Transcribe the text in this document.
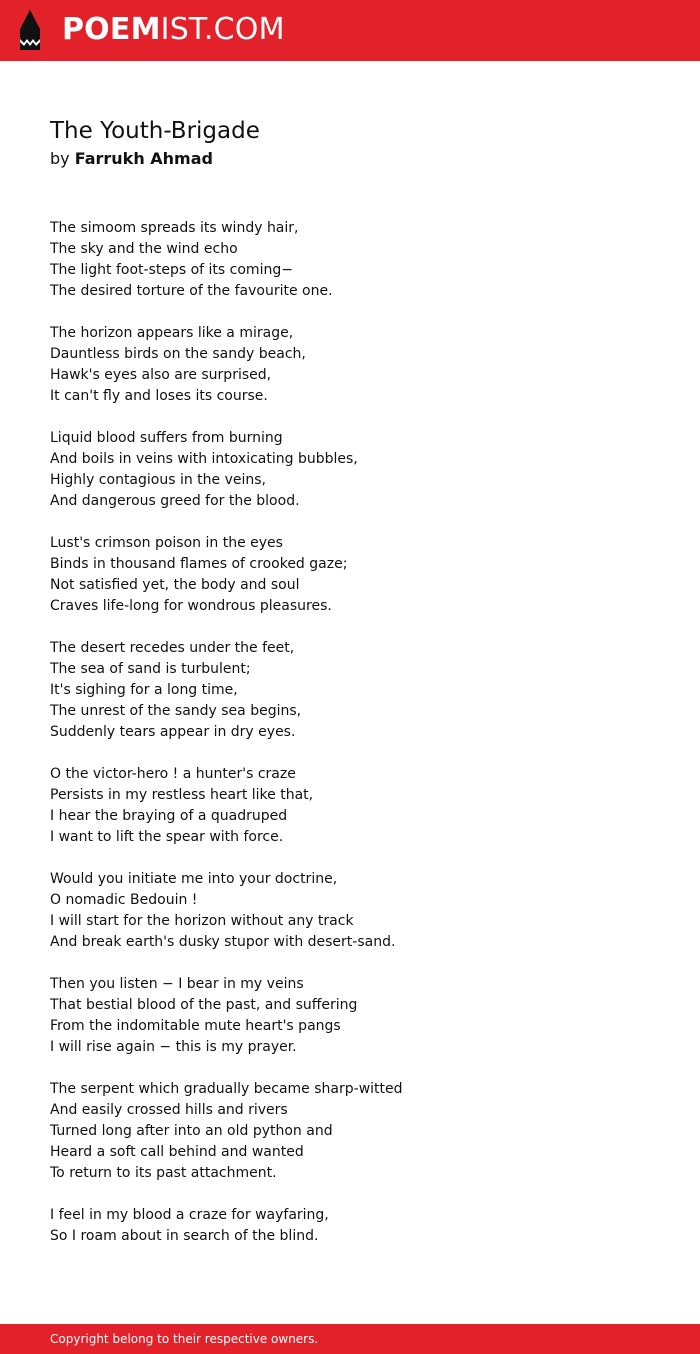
POEMIST.COM
The Youth-Brigade
by Farrukh Ahmad
The simoom spreads its windy hair,
The sky and the wind echo
The light foot-steps of its coming−
The desired torture of the favourite one.
The horizon appears like a mirage,
Dauntless birds on the sandy beach,
Hawk's eyes also are surprised,
It can't fly and loses its course.
Liquid blood suffers from burning
And boils in veins with intoxicating bubbles,
Highly contagious in the veins,
And dangerous greed for the blood.
Lust's crimson poison in the eyes
Binds in thousand flames of crooked gaze;
Not satisfied yet, the body and soul
Craves life-long for wondrous pleasures.
The desert recedes under the feet,
The sea of sand is turbulent;
It's sighing for a long time,
The unrest of the sandy sea begins,
Suddenly tears appear in dry eyes.
O the victor-hero ! a hunter's craze
Persists in my restless heart like that,
I hear the braying of a quadruped
I want to lift the spear with force.
Would you initiate me into your doctrine,
O nomadic Bedouin !
I will start for the horizon without any track
And break earth's dusky stupor with desert-sand.
Then you listen − I bear in my veins
That bestial blood of the past, and suffering
From the indomitable mute heart's pangs
I will rise again − this is my prayer.
The serpent which gradually became sharp-witted
And easily crossed hills and rivers
Turned long after into an old python and
Heard a soft call behind and wanted
To return to its past attachment.
I feel in my blood a craze for wayfaring,
So I roam about in search of the blind.
Copyright belong to their respective owners.
